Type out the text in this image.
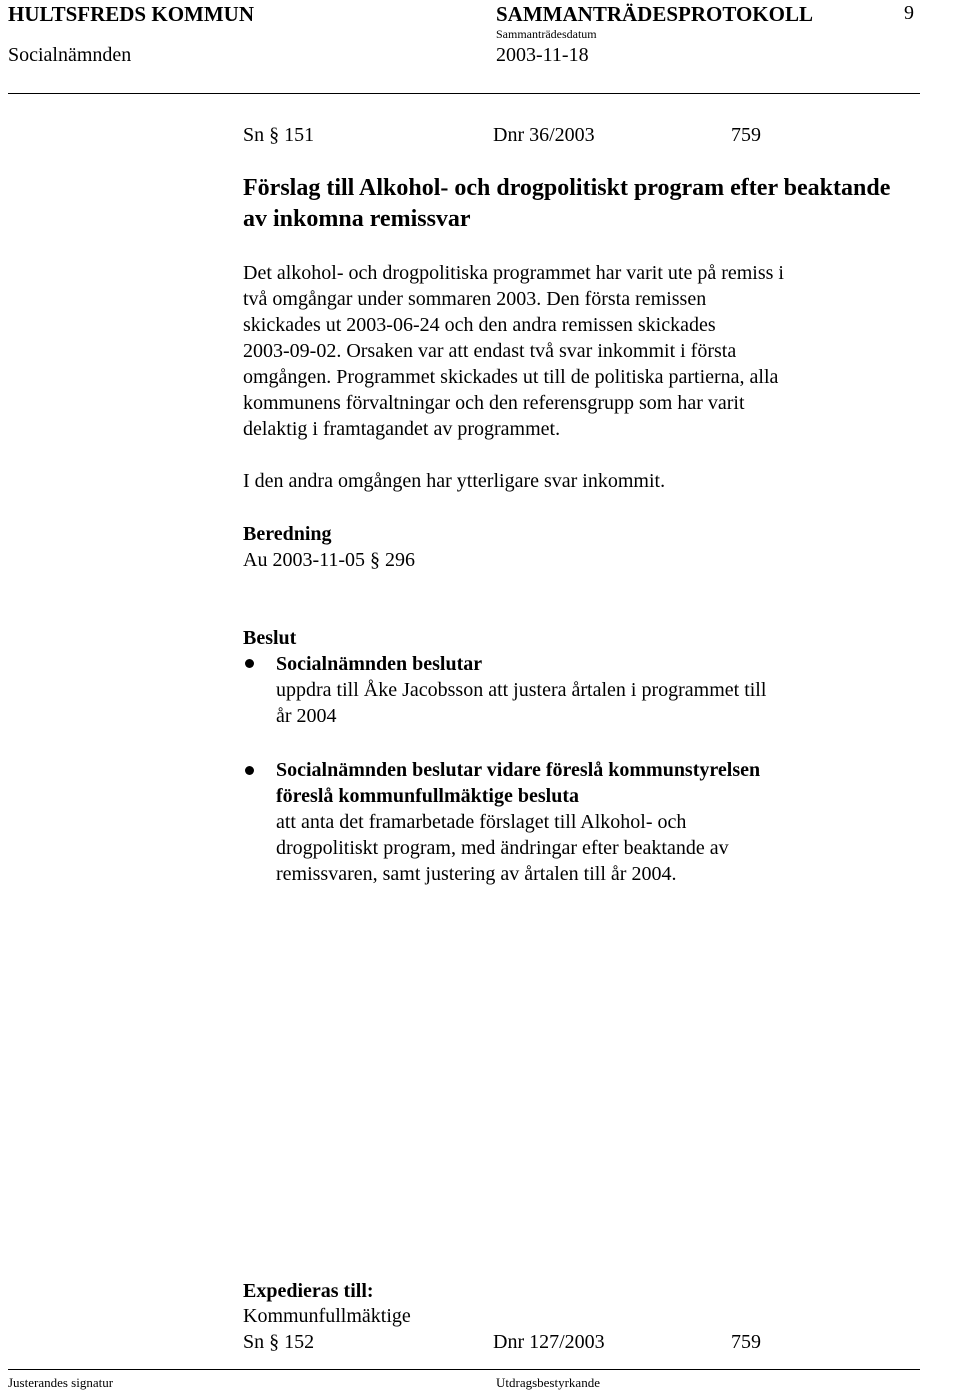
HULTSFREDS KOMMUN	SAMMANTRÄDESPROTOKOLL	9
Sammanträdesdatum
Socialnämnden	2003-11-18
Sn § 151	Dnr 36/2003	759
Förslag till Alkohol- och drogpolitiskt program efter beaktande
av inkomna remissvar
Det alkohol- och drogpolitiska programmet har varit ute på remiss i
två omgångar under sommaren 2003. Den första remissen
skickades ut 2003-06-24 och den andra remissen skickades
2003-09-02. Orsaken var att endast två svar inkommit i första
omgången. Programmet skickades ut till de politiska partierna, alla
kommunens förvaltningar och den referensgrupp som har varit
delaktig i framtagandet av programmet.
I den andra omgången har ytterligare svar inkommit.
Beredning
Au 2003-11-05 § 296
Beslut
Socialnämnden beslutar
uppdra till Åke Jacobsson att justera årtalen i programmet till
år 2004
Socialnämnden beslutar vidare föreslå kommunstyrelsen
föreslå kommunfullmäktige besluta
att anta det framarbetade förslaget till Alkohol- och
drogpolitiskt program, med ändringar efter beaktande av
remissvaren, samt justering av årtalen till år 2004.
Expedieras till:
Kommunfullmäktige
Sn § 152	Dnr 127/2003	759
Justerandes signatur	Utdragsbestyrkande
